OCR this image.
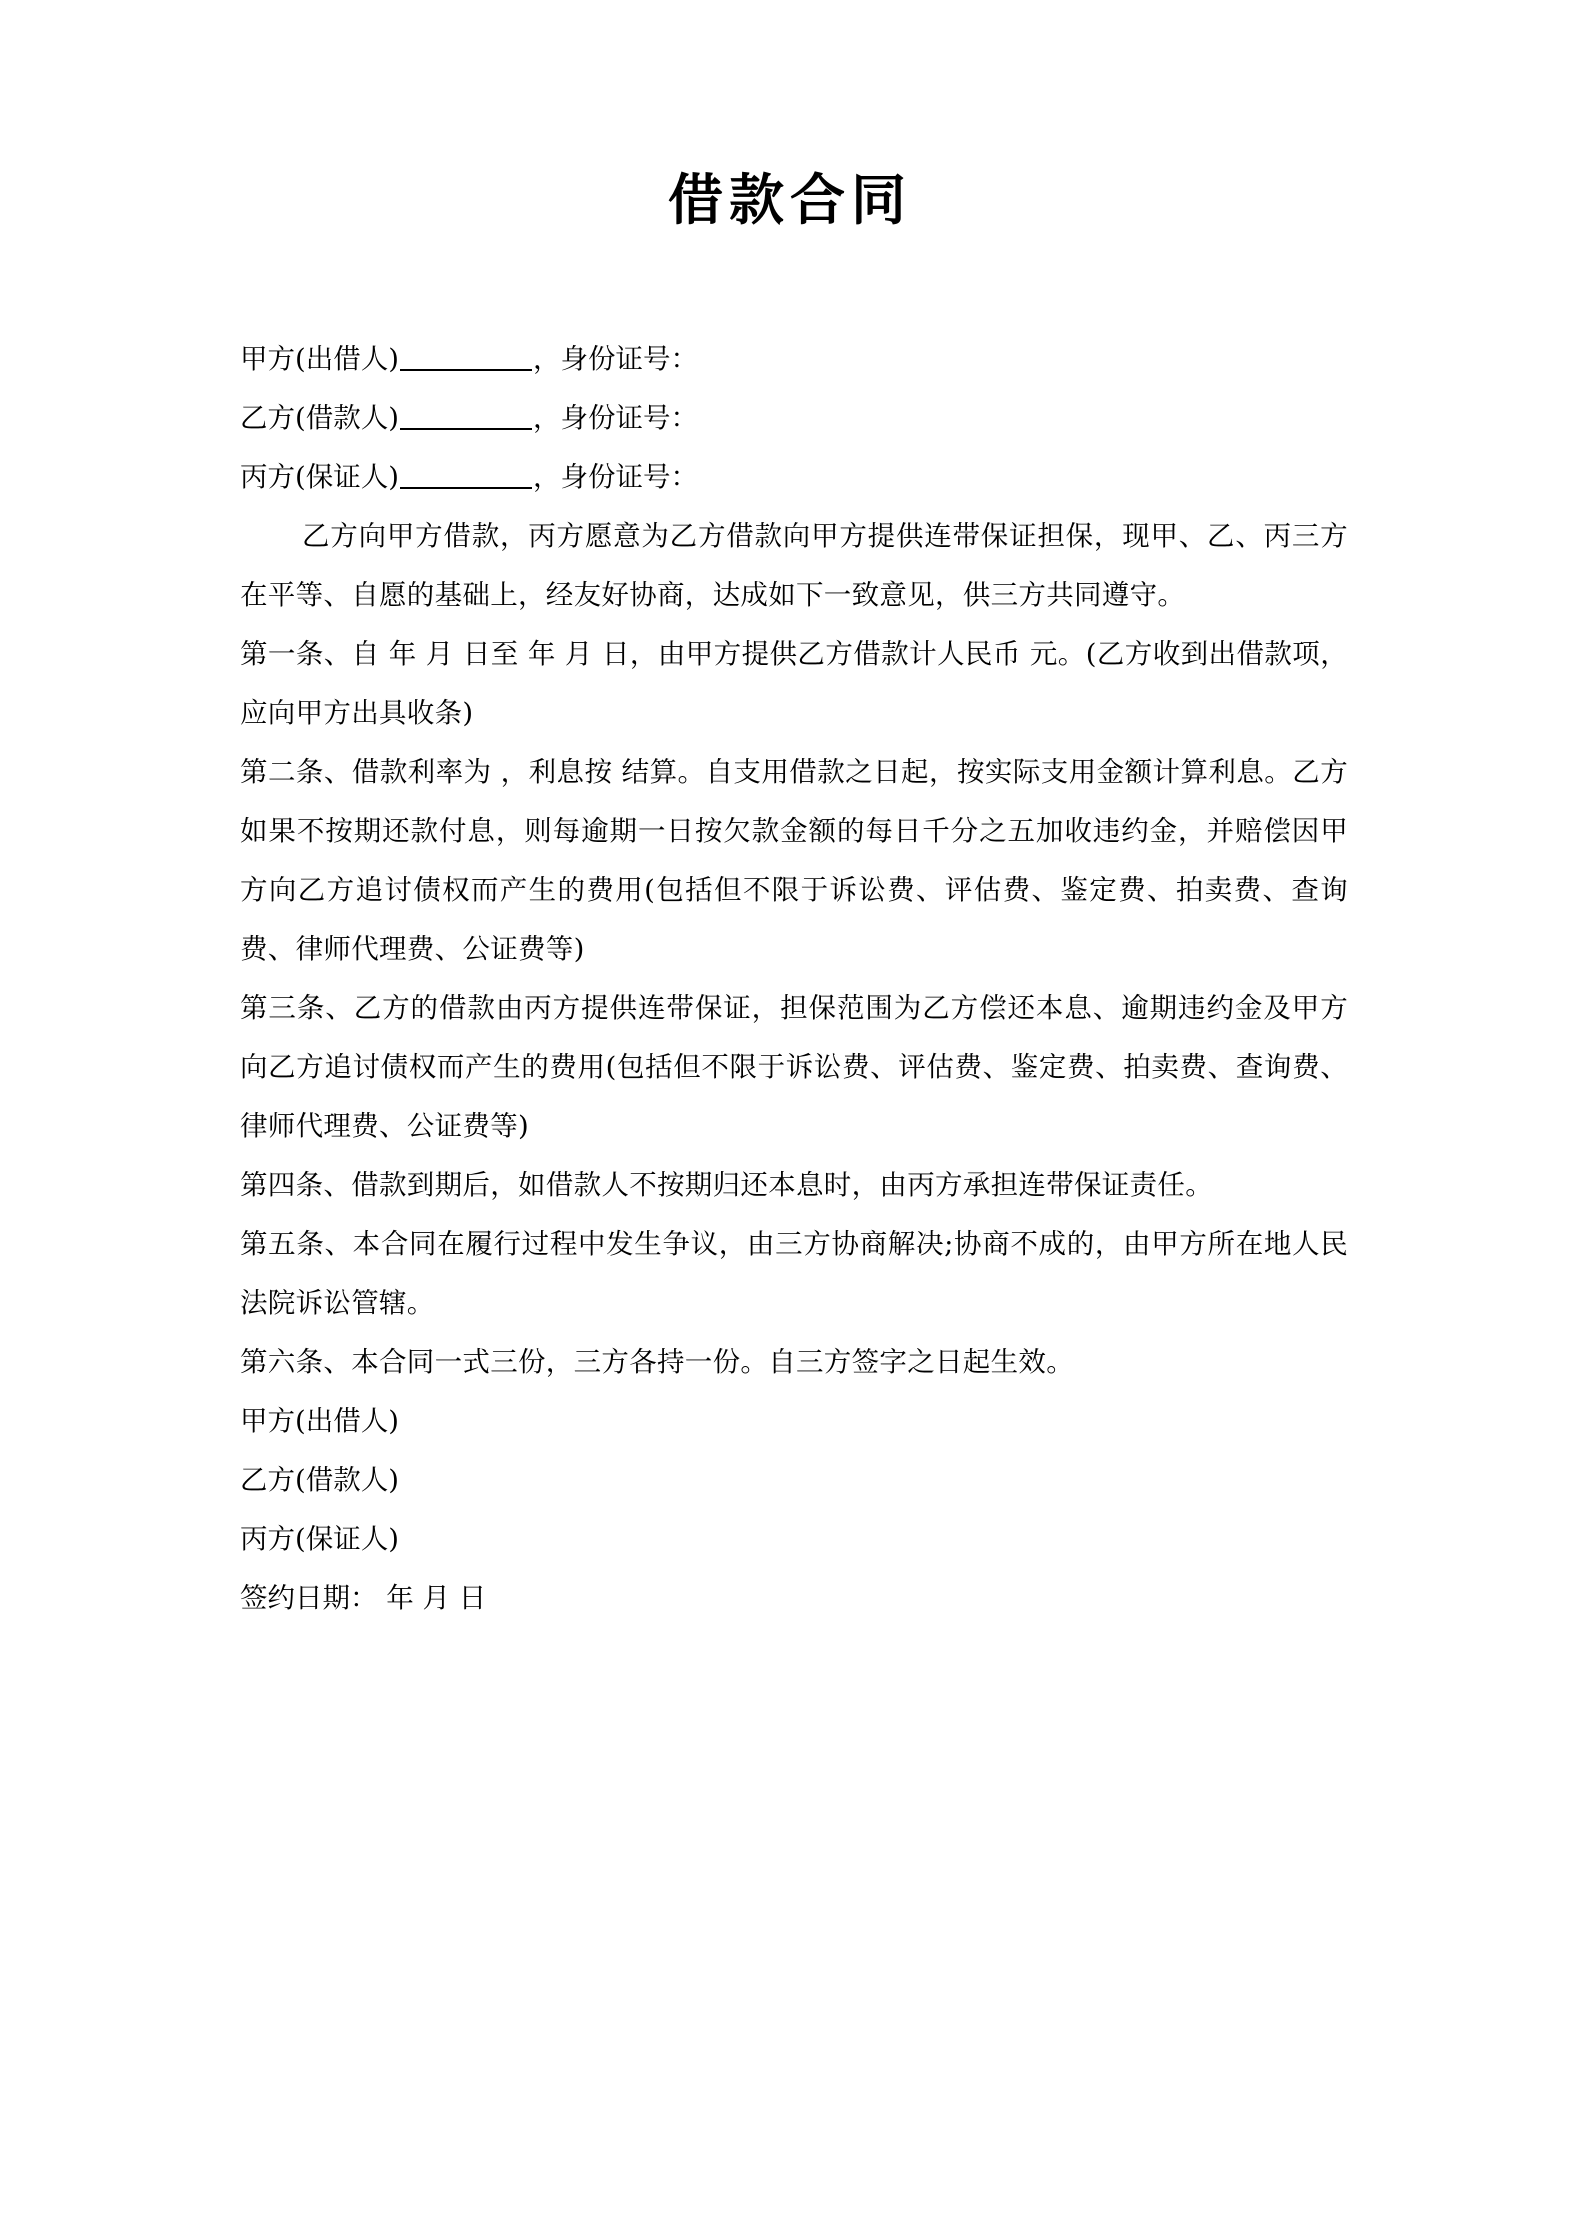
借款合同
甲方(出借人)	，身份证号：
乙方(借款人)	，身份证号：
丙方(保证人)	，身份证号：
乙方向甲方借款，丙方愿意为乙方借款向甲方提供连带保证担保，现甲、乙、丙三方在平等、自愿的基础上，经友好协商，达成如下一致意见，供三方共同遵守。
第一条、自 年 月 日至 年 月 日，由甲方提供乙方借款计人民币 元。(乙方收到出借款项，应向甲方出具收条)
第二条、借款利率为 ，利息按 结算。自支用借款之日起，按实际支用金额计算利息。乙方如果不按期还款付息，则每逾期一日按欠款金额的每日千分之五加收违约金，并赔偿因甲方向乙方追讨债权而产生的费用(包括但不限于诉讼费、评估费、鉴定费、拍卖费、查询费、律师代理费、公证费等)
第三条、乙方的借款由丙方提供连带保证，担保范围为乙方偿还本息、逾期违约金及甲方向乙方追讨债权而产生的费用(包括但不限于诉讼费、评估费、鉴定费、拍卖费、查询费、律师代理费、公证费等)
第四条、借款到期后，如借款人不按期归还本息时，由丙方承担连带保证责任。
第五条、本合同在履行过程中发生争议，由三方协商解决;协商不成的，由甲方所在地人民法院诉讼管辖。
第六条、本合同一式三份，三方各持一份。自三方签字之日起生效。
甲方(出借人)
乙方(借款人)
丙方(保证人)
签约日期： 年 月 日
